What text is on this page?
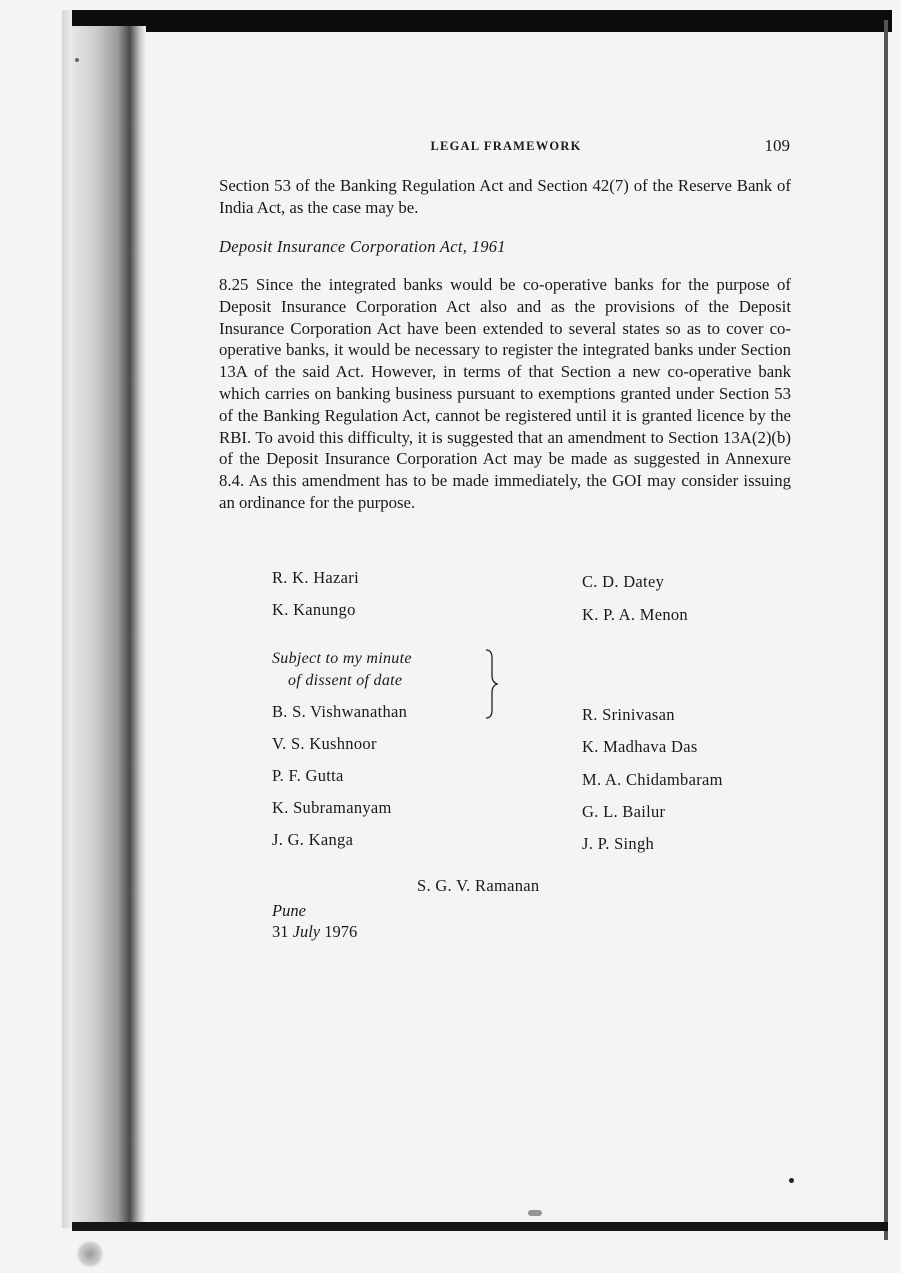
LEGAL FRAMEWORK	109
Section 53 of the Banking Regulation Act and Section 42(7) of the Reserve Bank of India Act, as the case may be.
Deposit Insurance Corporation Act, 1961
8.25 Since the integrated banks would be co-operative banks for the purpose of Deposit Insurance Corporation Act also and as the provisions of the Deposit Insurance Corporation Act have been extended to several states so as to cover co-operative banks, it would be necessary to register the integrated banks under Section 13A of the said Act. However, in terms of that Section a new co-operative bank which carries on banking business pursuant to exemptions granted under Section 53 of the Banking Regulation Act, cannot be registered until it is granted licence by the RBI. To avoid this difficulty, it is suggested that an amendment to Section 13A(2)(b) of the Deposit Insurance Corporation Act may be made as suggested in Annexure 8.4. As this amendment has to be made immediately, the GOI may consider issuing an ordinance for the purpose.
R. K. Hazari	C. D. Datey
K. Kanungo	K. P. A. Menon
Subject to my minute
of dissent of date
B. S. Vishwanathan	R. Srinivasan
V. S. Kushnoor	K. Madhava Das
P. F. Gutta	M. A. Chidambaram
K. Subramanyam	G. L. Bailur
J. G. Kanga	J. P. Singh
S. G. V. Ramanan
Pune
31 July 1976
